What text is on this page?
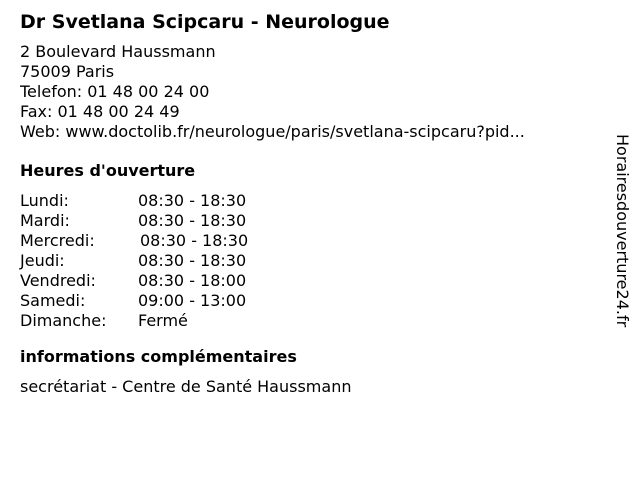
Dr Svetlana Scipcaru - Neurologue
2 Boulevard Haussmann
75009 Paris
Telefon: 01 48 00 24 00
Fax: 01 48 00 24 49
Web: www.doctolib.fr/neurologue/paris/svetlana-scipcaru?pid...
Heures d'ouverture
Lundi:	08:30 - 18:30
Mardi:	08:30 - 18:30
Mercredi:	08:30 - 18:30
Jeudi:	08:30 - 18:30
Vendredi:	08:30 - 18:00
Samedi:	09:00 - 13:00
Dimanche:	Fermé
informations complémentaires
secrétariat - Centre de Santé Haussmann
Horairesdouverture24.fr
